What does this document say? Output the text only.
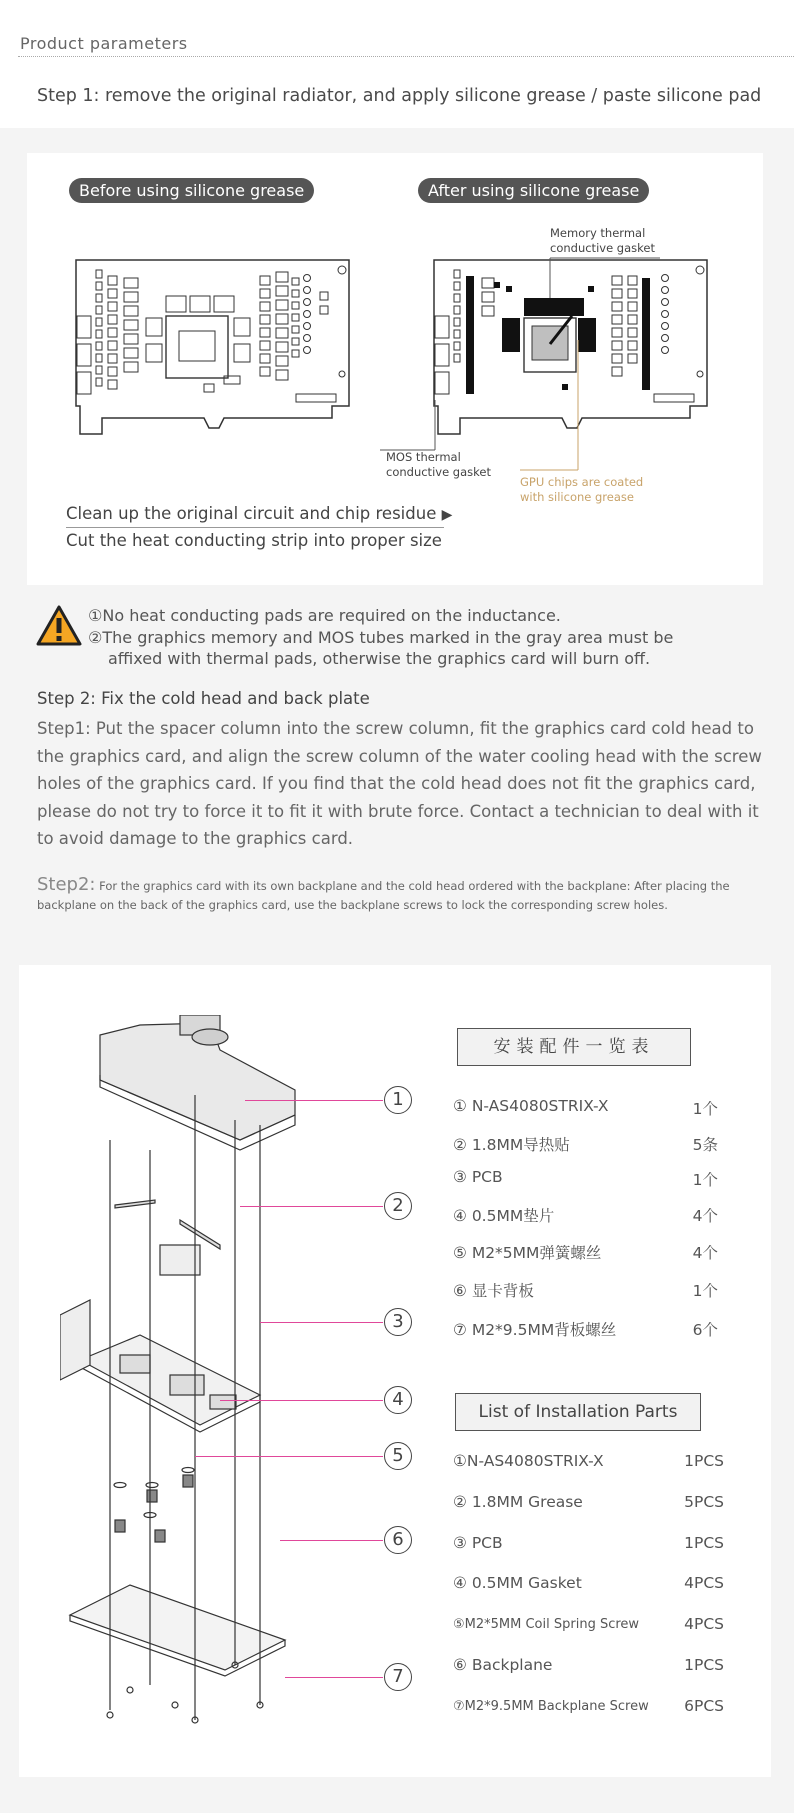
Product parameters
Step 1: remove the original radiator, and apply silicone grease / paste silicone pad
Before using silicone grease	After using silicone grease
Memory thermal
conductive gasket
MOS thermal
conductive gasket
GPU chips are coated
with silicone grease
Clean up the original circuit and chip residue ▶
Cut the heat conducting strip into proper size
①No heat conducting pads are required on the inductance.
②The graphics memory and MOS tubes marked in the gray area must be
affixed with thermal pads, otherwise the graphics card will burn off.
Step 2: Fix the cold head and back plate
Step1: Put the spacer column into the screw column, fit the graphics card cold head to the graphics card, and align the screw column of the water cooling head with the screw holes of the graphics card. If you find that the cold head does not fit the graphics card, please do not try to force it to fit it with brute force. Contact a technician to deal with it to avoid damage to the graphics card.
Step2: For the graphics card with its own backplane and the cold head ordered with the backplane: After placing the backplane on the back of the graphics card, use the backplane screws to lock the corresponding screw holes.
1
2
3
4
5
6
7
安装配件一览表
① N-AS4080STRIX-X	1个
② 1.8MM导热贴	5条
③ PCB	1个
④ 0.5MM垫片	4个
⑤ M2*5MM弹簧螺丝	4个
⑥ 显卡背板	1个
⑦ M2*9.5MM背板螺丝	6个
List of Installation Parts
①N-AS4080STRIX-X	1PCS
② 1.8MM Grease	5PCS
③ PCB	1PCS
④ 0.5MM Gasket	4PCS
⑤M2*5MM Coil Spring Screw	4PCS
⑥ Backplane	1PCS
⑦M2*9.5MM Backplane Screw	6PCS
